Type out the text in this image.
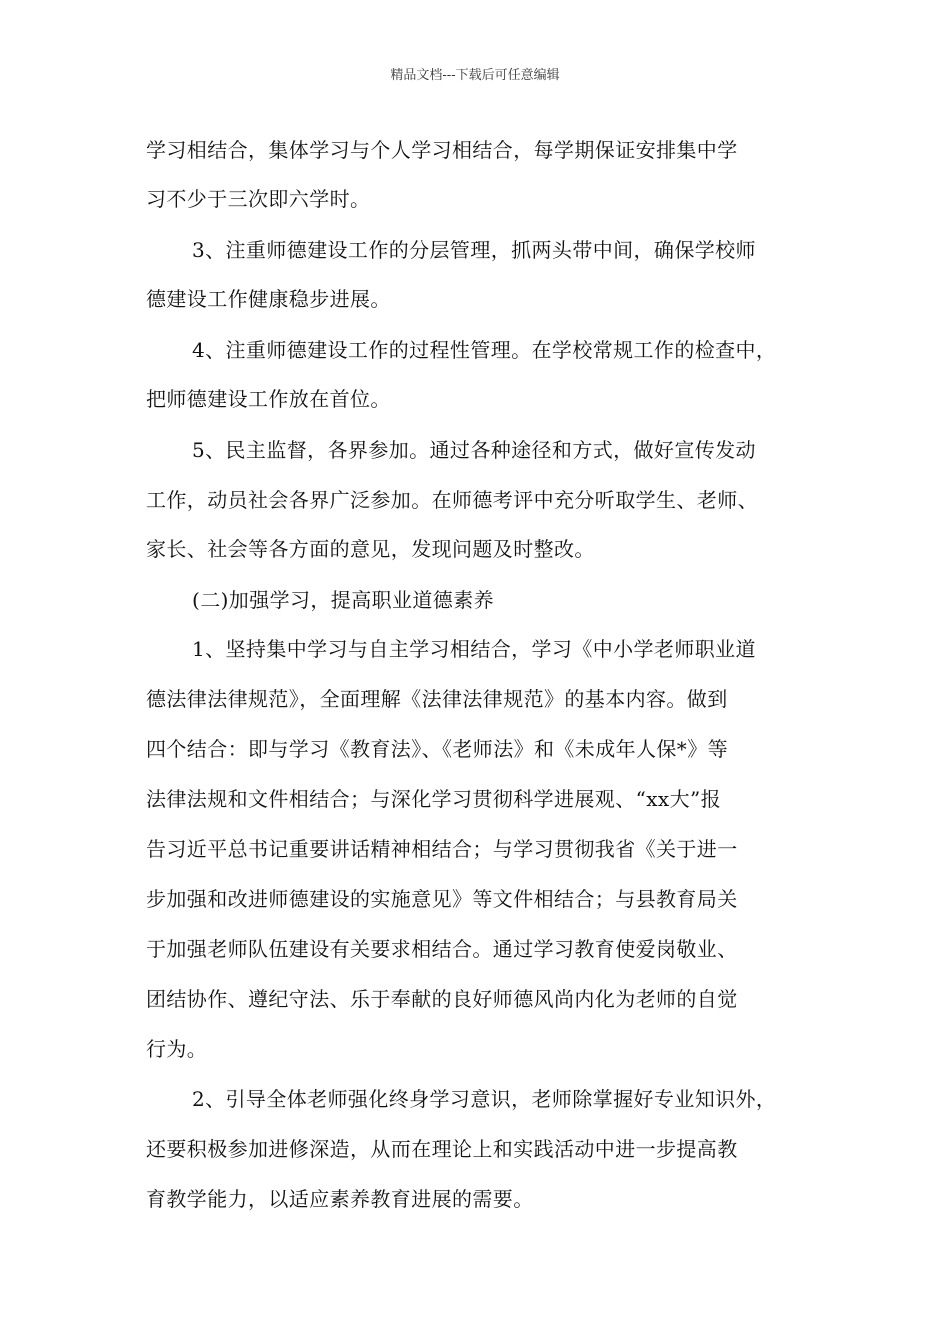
精品文档---下载后可任意编辑
学习相结合，集体学习与个人学习相结合，每学期保证安排集中学
习不少于三次即六学时。
3、注重师德建设工作的分层管理，抓两头带中间，确保学校师
德建设工作健康稳步进展。
4、注重师德建设工作的过程性管理。在学校常规工作的检查中，
把师德建设工作放在首位。
5、民主监督，各界参加。通过各种途径和方式，做好宣传发动
工作，动员社会各界广泛参加。在师德考评中充分听取学生、老师、
家长、社会等各方面的意见，发现问题及时整改。
(二)加强学习，提高职业道德素养
1、坚持集中学习与自主学习相结合，学习《中小学老师职业道
德法律法律规范》，全面理解《法律法律规范》的基本内容。做到
四个结合：即与学习《教育法》、《老师法》和《未成年人保*》等
法律法规和文件相结合；与深化学习贯彻科学进展观、“xx大”报
告习近平总书记重要讲话精神相结合；与学习贯彻我省《关于进一
步加强和改进师德建设的实施意见》等文件相结合；与县教育局关
于加强老师队伍建设有关要求相结合。通过学习教育使爱岗敬业、
团结协作、遵纪守法、乐于奉献的良好师德风尚内化为老师的自觉
行为。
2、引导全体老师强化终身学习意识，老师除掌握好专业知识外，
还要积极参加进修深造，从而在理论上和实践活动中进一步提高教
育教学能力，以适应素养教育进展的需要。
